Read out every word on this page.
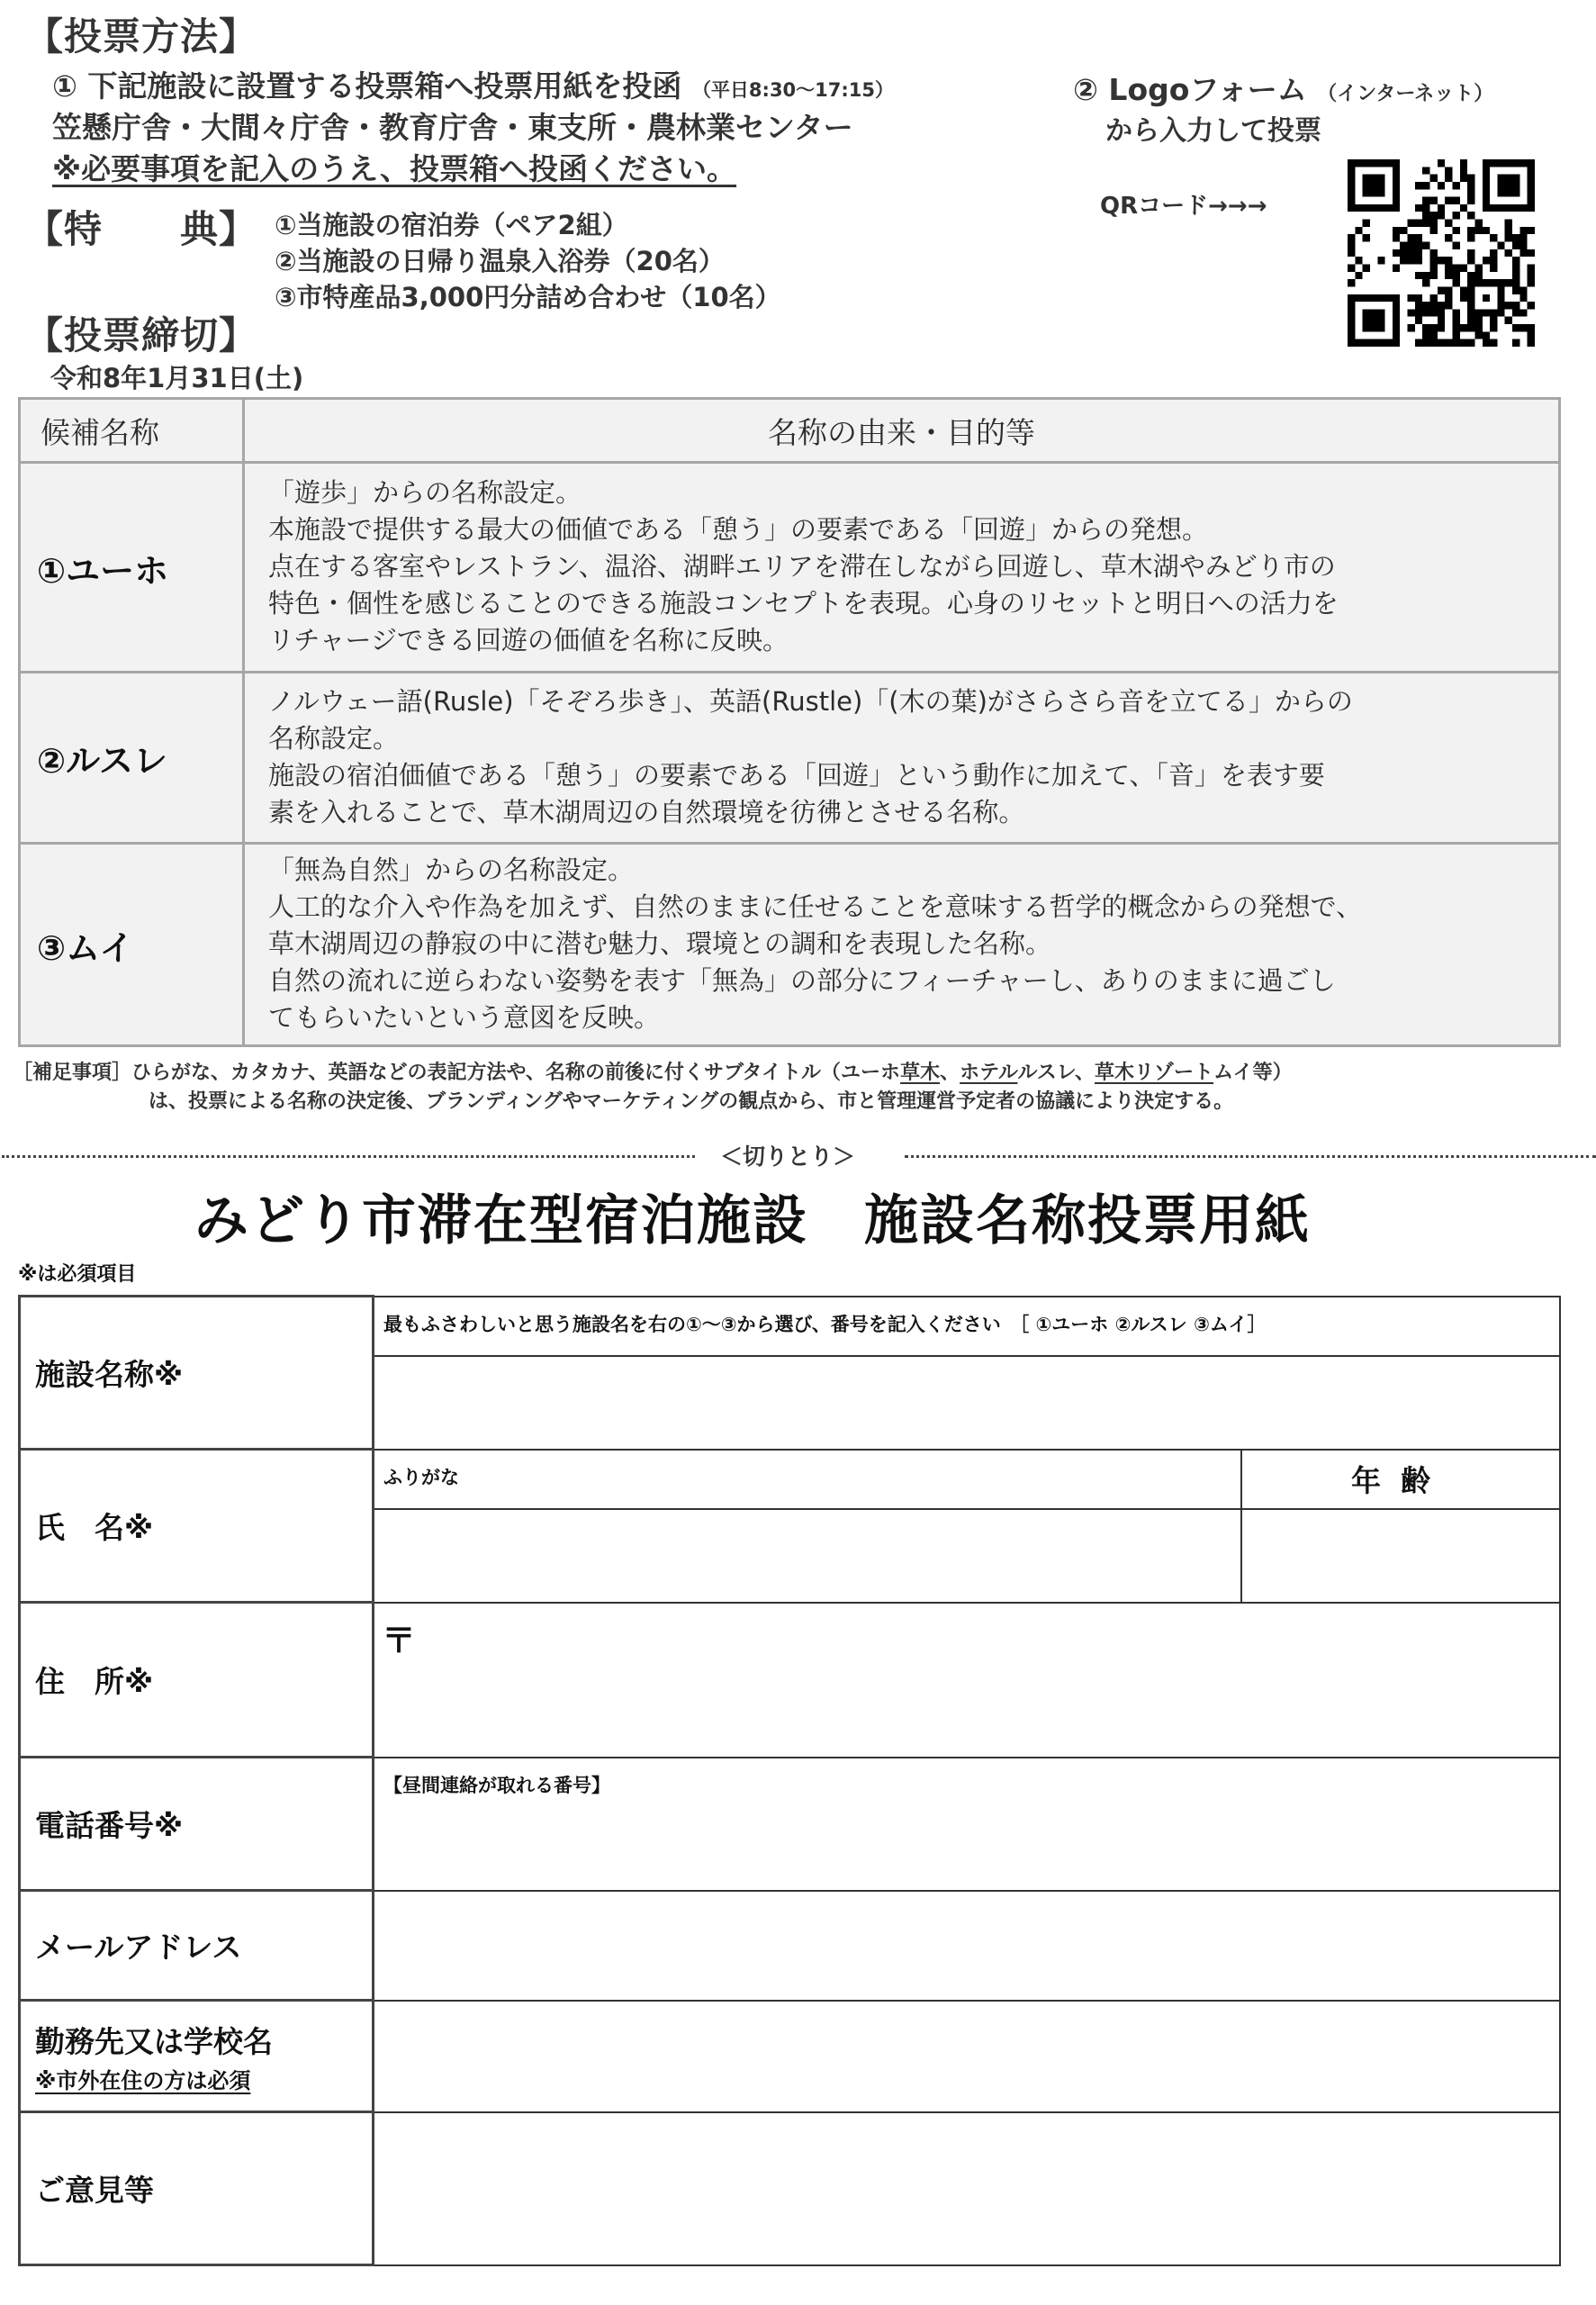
【投票方法】
① 下記施設に設置する投票箱へ投票用紙を投函 （平日8:30〜17:15）
笠懸庁舎・大間々庁舎・教育庁舎・東支所・農林業センター
※必要事項を記入のうえ、投票箱へ投函ください。
② Logoフォーム （インターネット）
から入力して投票
QRコード→→→
【特　　典】 ①当施設の宿泊券（ペア2組）
②当施設の日帰り温泉入浴券（20名）
③市特産品3,000円分詰め合わせ（10名）
【投票締切】
令和8年1月31日(土)
候補名称	名称の由来・目的等
①ユーホ	「遊歩」からの名称設定。
本施設で提供する最大の価値である「憩う」の要素である「回遊」からの発想。
点在する客室やレストラン、温浴、湖畔エリアを滞在しながら回遊し、草木湖やみどり市の
特色・個性を感じることのできる施設コンセプトを表現。心身のリセットと明日への活力を
リチャージできる回遊の価値を名称に反映。

②ルスレ	ノルウェー語(Rusle)「そぞろ歩き」、英語(Rustle)「(木の葉)がさらさら音を立てる」からの
名称設定。
施設の宿泊価値である「憩う」の要素である「回遊」という動作に加えて、「音」を表す要
素を入れることで、草木湖周辺の自然環境を彷彿とさせる名称。

③ムイ	「無為自然」からの名称設定。
人工的な介入や作為を加えず、自然のままに任せることを意味する哲学的概念からの発想で、
草木湖周辺の静寂の中に潜む魅力、環境との調和を表現した名称。
自然の流れに逆らわない姿勢を表す「無為」の部分にフィーチャーし、ありのままに過ごし
てもらいたいという意図を反映。
［補足事項］ひらがな、カタカナ、英語などの表記方法や、名称の前後に付くサブタイトル（ユーホ草木、ホテルルスレ、草木リゾートムイ等）
は、投票による名称の決定後、ブランディングやマーケティングの観点から、市と管理運営予定者の協議により決定する。
＜切りとり＞
みどり市滞在型宿泊施設　施設名称投票用紙
※は必須項目
施設名称※	最もふさわしいと思う施設名を右の①〜③から選び、番号を記入ください　［ ①ユーホ ②ルスレ ③ムイ］	

氏　名※	ふりがな	年齢

住　所※	〒	
電話番号※	【昼間連絡が取れる番号】	
メールアドレス		
勤務先又は学校名
※市外在住の方は必須		

ご意見等		
